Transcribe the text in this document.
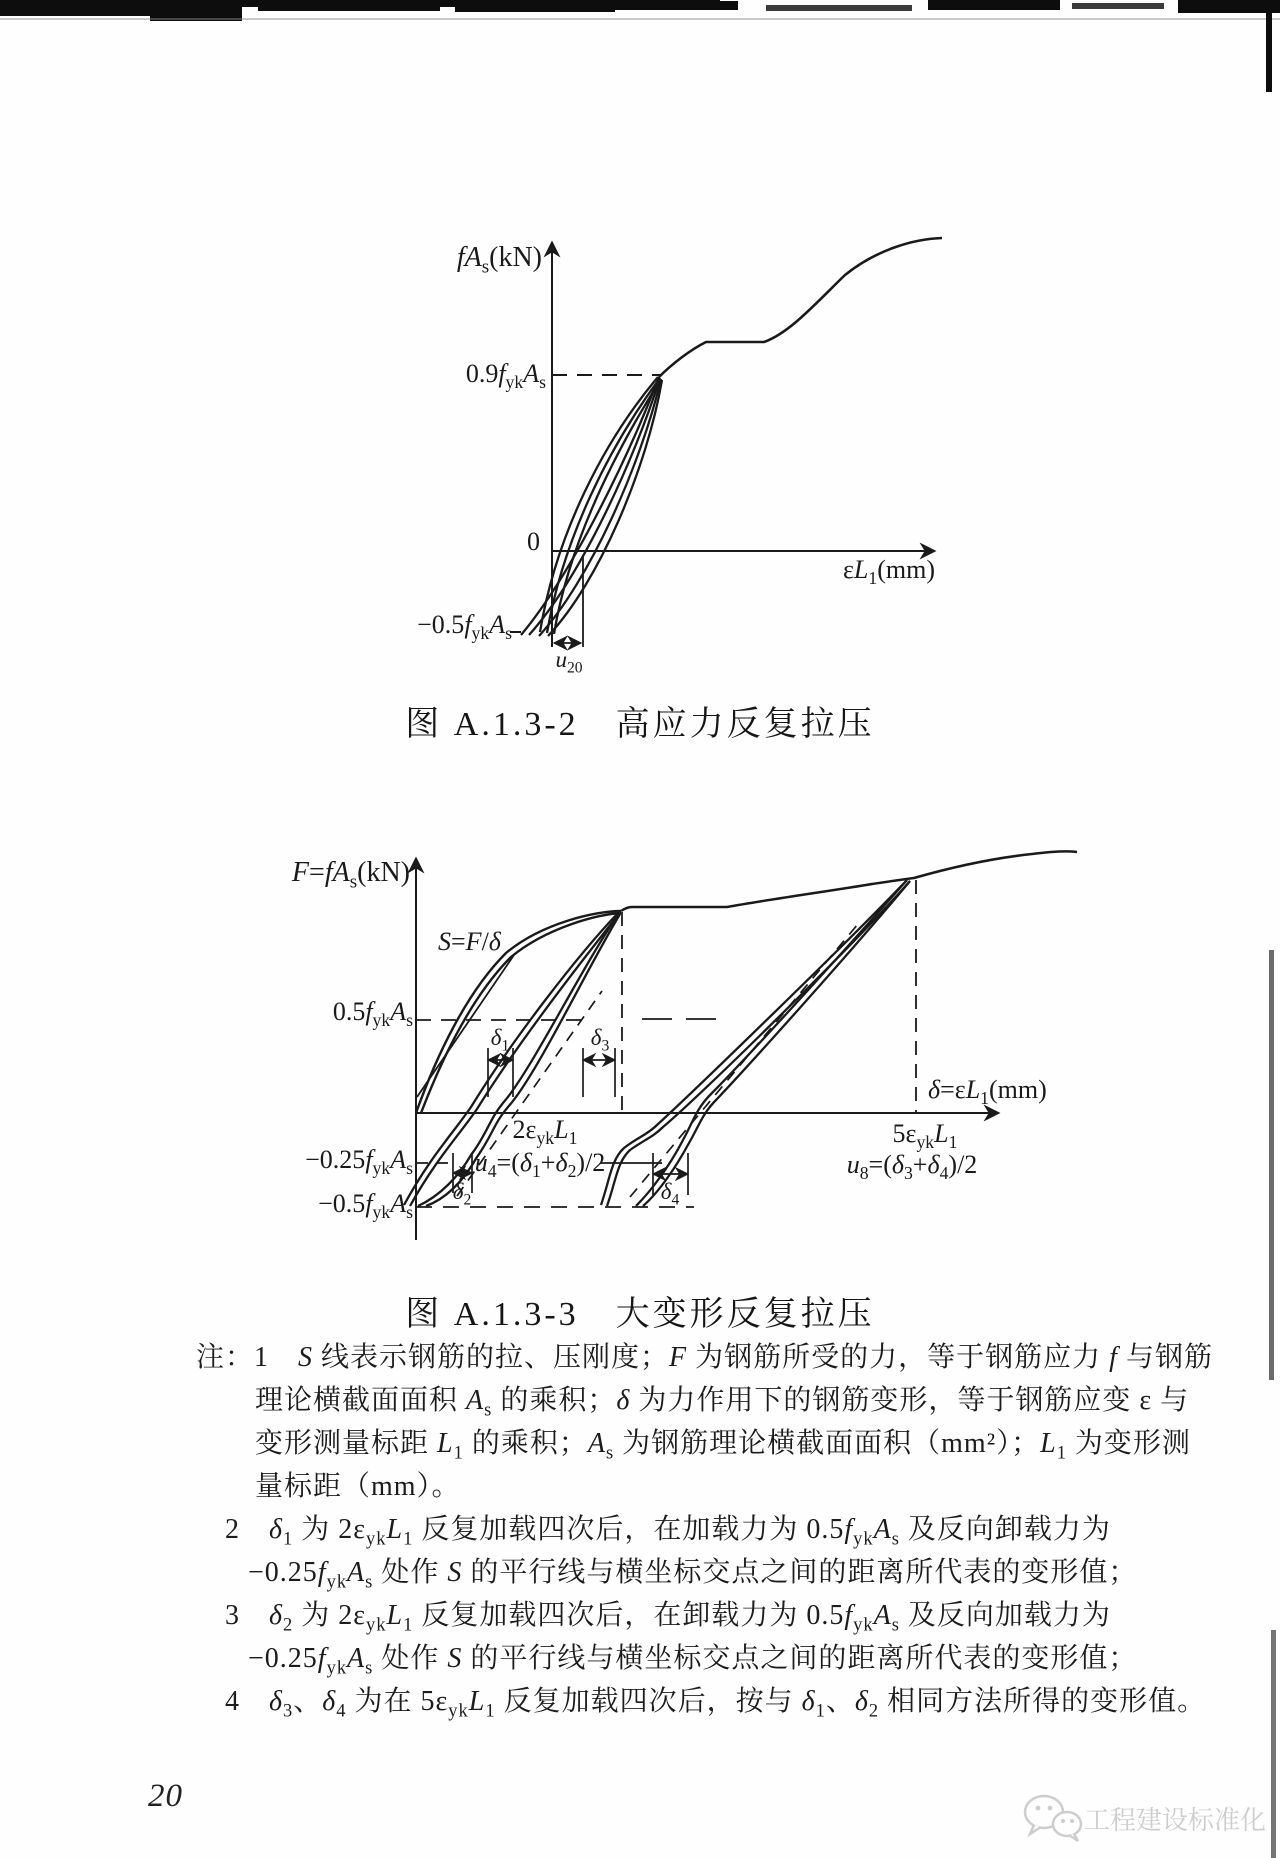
$fA_s(kN)$
$0.9f_{yk}A_s$
0
$\varepsilon L_1(mm)$
$-0.5f_{yk}A_s$
$u_{20}$
图 A.1.3-2　高应力反复拉压
$F=fA_s(kN)$
S=F/δ
$0.5f_{yk}A_s$
$\delta_1$	$\delta_3$
$2\varepsilon_{yk}L_1$
$u_4=(\delta_1+\delta_2)/2$
$5\varepsilon_{yk}L_1$
$u_8=(\delta_3+\delta_4)/2$
$-0.25f_{yk}A_s$
$-0.5f_{yk}A_s$
$\delta_2$	$\delta_4$
$\delta=\varepsilon L_1(mm)$
图 A.1.3-3　大变形反复拉压
注：1　S 线表示钢筋的拉、压刚度；F 为钢筋所受的力，等于钢筋应力 f 与钢筋
理论横截面面积 $A_s$ 的乘积；δ 为力作用下的钢筋变形，等于钢筋应变 ε 与
变形测量标距 $L_1$ 的乘积；$A_s$ 为钢筋理论横截面面积（mm²）；$L_1$ 为变形测
量标距（mm）。
2　$\delta_1$ 为 $2\varepsilon_{yk}L_1$ 反复加载四次后，在加载力为 $0.5f_{yk}A_s$ 及反向卸载力为
$-0.25f_{yk}A_s$ 处作 S 的平行线与横坐标交点之间的距离所代表的变形值；
3　$\delta_2$ 为 $2\varepsilon_{yk}L_1$ 反复加载四次后，在卸载力为 $0.5f_{yk}A_s$ 及反向加载力为
$-0.25f_{yk}A_s$ 处作 S 的平行线与横坐标交点之间的距离所代表的变形值；
4　$\delta_3$、$\delta_4$ 为在 $5\varepsilon_{yk}L_1$ 反复加载四次后，按与 $\delta_1$、$\delta_2$ 相同方法所得的变形值。
20
工程建设标准化
